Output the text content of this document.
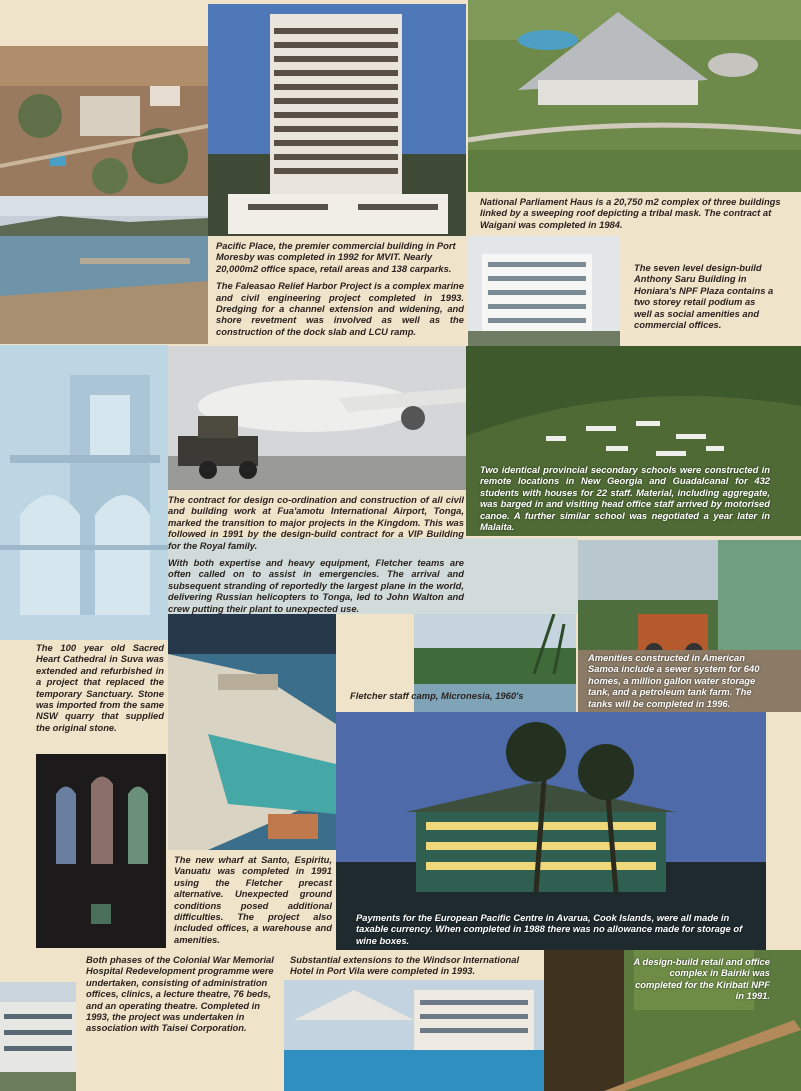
Pacific Place, the premier commercial building in Port Moresby was completed in 1992 for MVIT. Nearly 20,000m2 office space, retail areas and 138 carparks.

The Faleasao Relief Harbor Project is a complex marine and civil engineering project completed in 1993. Dredging for a channel extension and widening, and shore revetment was involved as well as the construction of the dock slab and LCU ramp.

National Parliament Haus is a 20,750 m2 complex of three buildings linked by a sweeping roof depicting a tribal mask. The contract at Waigani was completed in 1984.
The seven level design-build Anthony Saru Building in Honiara's NPF Plaza contains a two storey retail podium as well as social amenities and commercial offices.

The contract for design co-ordination and construction of all civil and building work at Fua'amotu International Airport, Tonga, marked the transition to major projects in the Kingdom. This was followed in 1991 by the design-build contract for a VIP Building for the Royal family.

With both expertise and heavy equipment, Fletcher teams are often called on to assist in emergencies. The arrival and subsequent stranding of reportedly the largest plane in the world, delivering Russian helicopters to Tonga, led to John Walton and crew putting their plant to unexpected use.

Two identical provincial secondary schools were constructed in remote locations in New Georgia and Guadalcanal for 432 students with houses for 22 staff. Material, including aggregate, was barged in and visiting head office staff arrived by motorised canoe. A further similar school was negotiated a year later in Malaita.
The 100 year old Sacred Heart Cathedral in Suva was extended and refurbished in a project that replaced the temporary Sanctuary. Stone was imported from the same NSW quarry that supplied the original stone.
Fletcher staff camp, Micronesia, 1960's
Amenities constructed in American Samoa include a sewer system for 640 homes, a million gallon water storage tank, and a petroleum tank farm. The tanks will be completed in 1996.
The new wharf at Santo, Espiritu, Vanuatu was completed in 1991 using the Fletcher precast alternative. Unexpected ground conditions posed additional difficulties. The project also included offices, a warehouse and amenities.
Payments for the European Pacific Centre in Avarua, Cook Islands, were all made in taxable currency. When completed in 1988 there was no allowance made for storage of wine boxes.
Both phases of the Colonial War Memorial Hospital Redevelopment programme were undertaken, consisting of administration offices, clinics, a lecture theatre, 76 beds, and an operating theatre. Completed in 1993, the project was undertaken in association with Taisei Corporation.
Substantial extensions to the Windsor International Hotel in Port Vila were completed in 1993.
A design-build retail and office complex in Bairiki was completed for the Kiribati NPF in 1991.
